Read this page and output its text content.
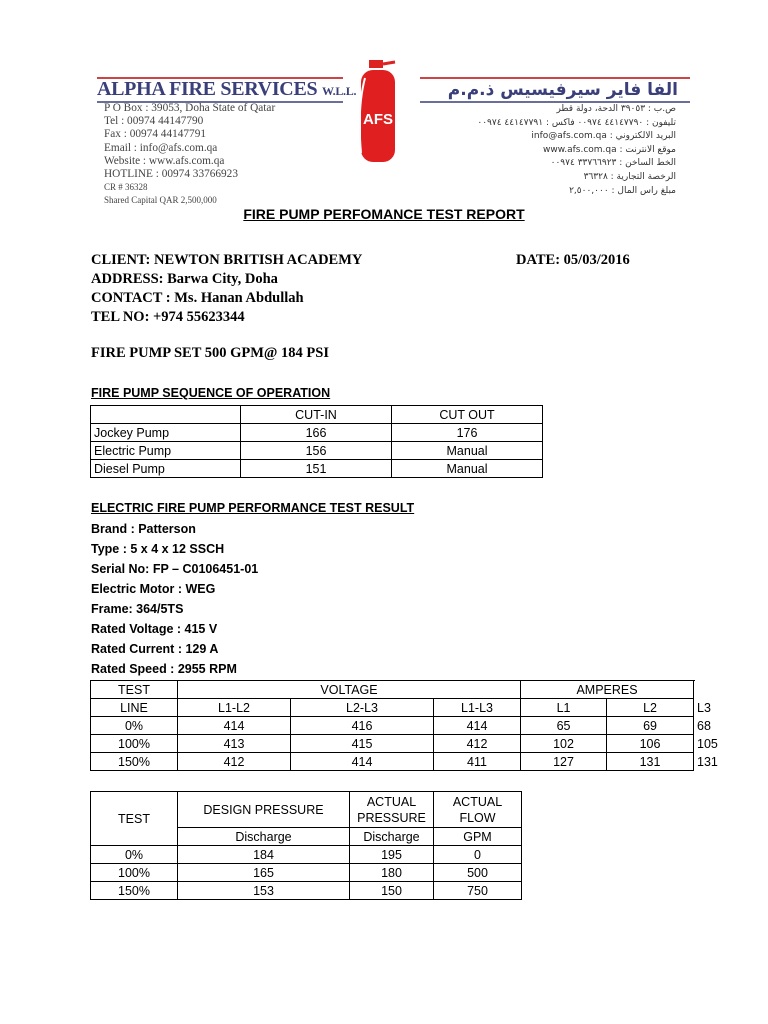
ALPHA FIRE SERVICES W.L.L.
P O Box : 39053, Doha State of Qatar
Tel : 00974 44147790
Fax : 00974 44147791
Email : info@afs.com.qa
Website : www.afs.com.qa
HOTLINE : 00974 33766923
CR # 36328
Shared Capital QAR 2,500,000
AFS
الفا فاير سيرفيسيس ذ.م.م
ص.ب : ٣٩٠٥٣ الدحة، دولة قطر
تليفون : ٤٤١٤٧٧٩٠ ٠٠٩٧٤ فاكس : ٤٤١٤٧٧٩١ ٠٠٩٧٤
البريد الالكتروني : info@afs.com.qa
موقع الانترنت : www.afs.com.qa
الخط الساخن : ٣٣٧٦٦٩٢٣ ٠٠٩٧٤
الرخصة التجارية : ٣٦٣٢٨
مبلغ راس المال : ٢,٥٠٠,٠٠٠
FIRE PUMP PERFOMANCE TEST REPORT
CLIENT: NEWTON BRITISH ACADEMY
ADDRESS: Barwa City, Doha
CONTACT : Ms. Hanan Abdullah
TEL NO: +974 55623344
DATE: 05/03/2016
FIRE PUMP SET 500 GPM@ 184 PSI
FIRE PUMP SEQUENCE OF OPERATION
	CUT-IN	CUT OUT
Jockey Pump	166	176
Electric Pump	156	Manual
Diesel Pump	151	Manual
ELECTRIC FIRE PUMP PERFORMANCE TEST RESULT
Brand : Patterson
Type : 5 x 4 x 12 SSCH
Serial No: FP – C0106451-01
Electric Motor : WEG
Frame: 364/5TS
Rated Voltage : 415 V
Rated Current : 129 A
Rated Speed : 2955 RPM
TEST	VOLTAGE			AMPERES		
LINE	L1-L2	L2-L3	L1-L3	L1	L2	L3
0%	414	416	414	65	69	68
100%	413	415	412	102	106	105
150%	412	414	411	127	131	131
TEST	DESIGN PRESSURE	ACTUAL PRESSURE	ACTUAL FLOW
	Discharge	Discharge	GPM
0%	184	195	0
100%	165	180	500
150%	153	150	750
